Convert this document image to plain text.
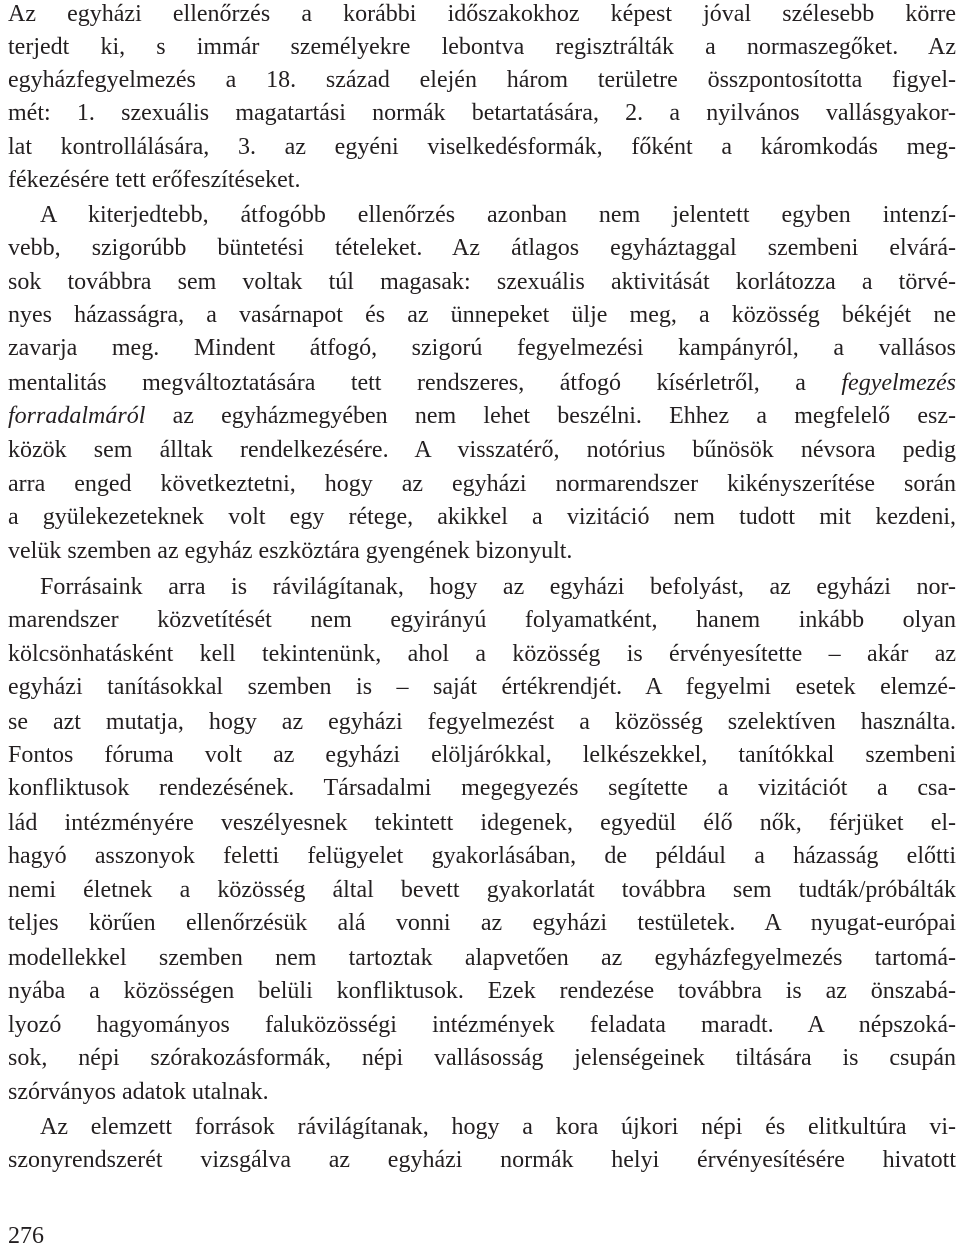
Az egyházi ellenőrzés a korábbi időszakokhoz képest jóval szélesebb körre
terjedt ki, s immár személyekre lebontva regisztrálták a normaszegőket. Az
egyházfegyelmezés a 18. század elején három területre összpontosította figyel-
mét: 1. szexuális magatartási normák betartatására, 2. a nyilvános vallásgyakor-
lat kontrollálására, 3. az egyéni viselkedésformák, főként a káromkodás meg-
fékezésére tett erőfeszítéseket.
A kiterjedtebb, átfogóbb ellenőrzés azonban nem jelentett egyben intenzí-
vebb, szigorúbb büntetési tételeket. Az átlagos egyháztaggal szembeni elvárá-
sok továbbra sem voltak túl magasak: szexuális aktivitását korlátozza a törvé-
nyes házasságra, a vasárnapot és az ünnepeket ülje meg, a közösség békéjét ne
zavarja meg. Mindent átfogó, szigorú fegyelmezési kampányról, a vallásos
mentalitás megváltoztatására tett rendszeres, átfogó kísérletről, a fegyelmezés
forradalmáról az egyházmegyében nem lehet beszélni. Ehhez a megfelelő esz-
közök sem álltak rendelkezésére. A visszatérő, notórius bűnösök névsora pedig
arra enged következtetni, hogy az egyházi normarendszer kikényszerítése során
a gyülekezeteknek volt egy rétege, akikkel a vizitáció nem tudott mit kezdeni,
velük szemben az egyház eszköztára gyengének bizonyult.
Forrásaink arra is rávilágítanak, hogy az egyházi befolyást, az egyházi nor-
marendszer közvetítését nem egyirányú folyamatként, hanem inkább olyan
kölcsönhatásként kell tekintenünk, ahol a közösség is érvényesítette – akár az
egyházi tanításokkal szemben is – saját értékrendjét. A fegyelmi esetek elemzé-
se azt mutatja, hogy az egyházi fegyelmezést a közösség szelektíven használta.
Fontos fóruma volt az egyházi elöljárókkal, lelkészekkel, tanítókkal szembeni
konfliktusok rendezésének. Társadalmi megegyezés segítette a vizitációt a csa-
lád intézményére veszélyesnek tekintett idegenek, egyedül élő nők, férjüket el-
hagyó asszonyok feletti felügyelet gyakorlásában, de például a házasság előtti
nemi életnek a közösség által bevett gyakorlatát továbbra sem tudták/próbálták
teljes körűen ellenőrzésük alá vonni az egyházi testületek. A nyugat-európai
modellekkel szemben nem tartoztak alapvetően az egyházfegyelmezés tartomá-
nyába a közösségen belüli konfliktusok. Ezek rendezése továbbra is az önszabá-
lyozó hagyományos faluközösségi intézmények feladata maradt. A népszoká-
sok, népi szórakozásformák, népi vallásosság jelenségeinek tiltására is csupán
szórványos adatok utalnak.
Az elemzett források rávilágítanak, hogy a kora újkori népi és elitkultúra vi-
szonyrendszerét vizsgálva az egyházi normák helyi érvényesítésére hivatott
276
